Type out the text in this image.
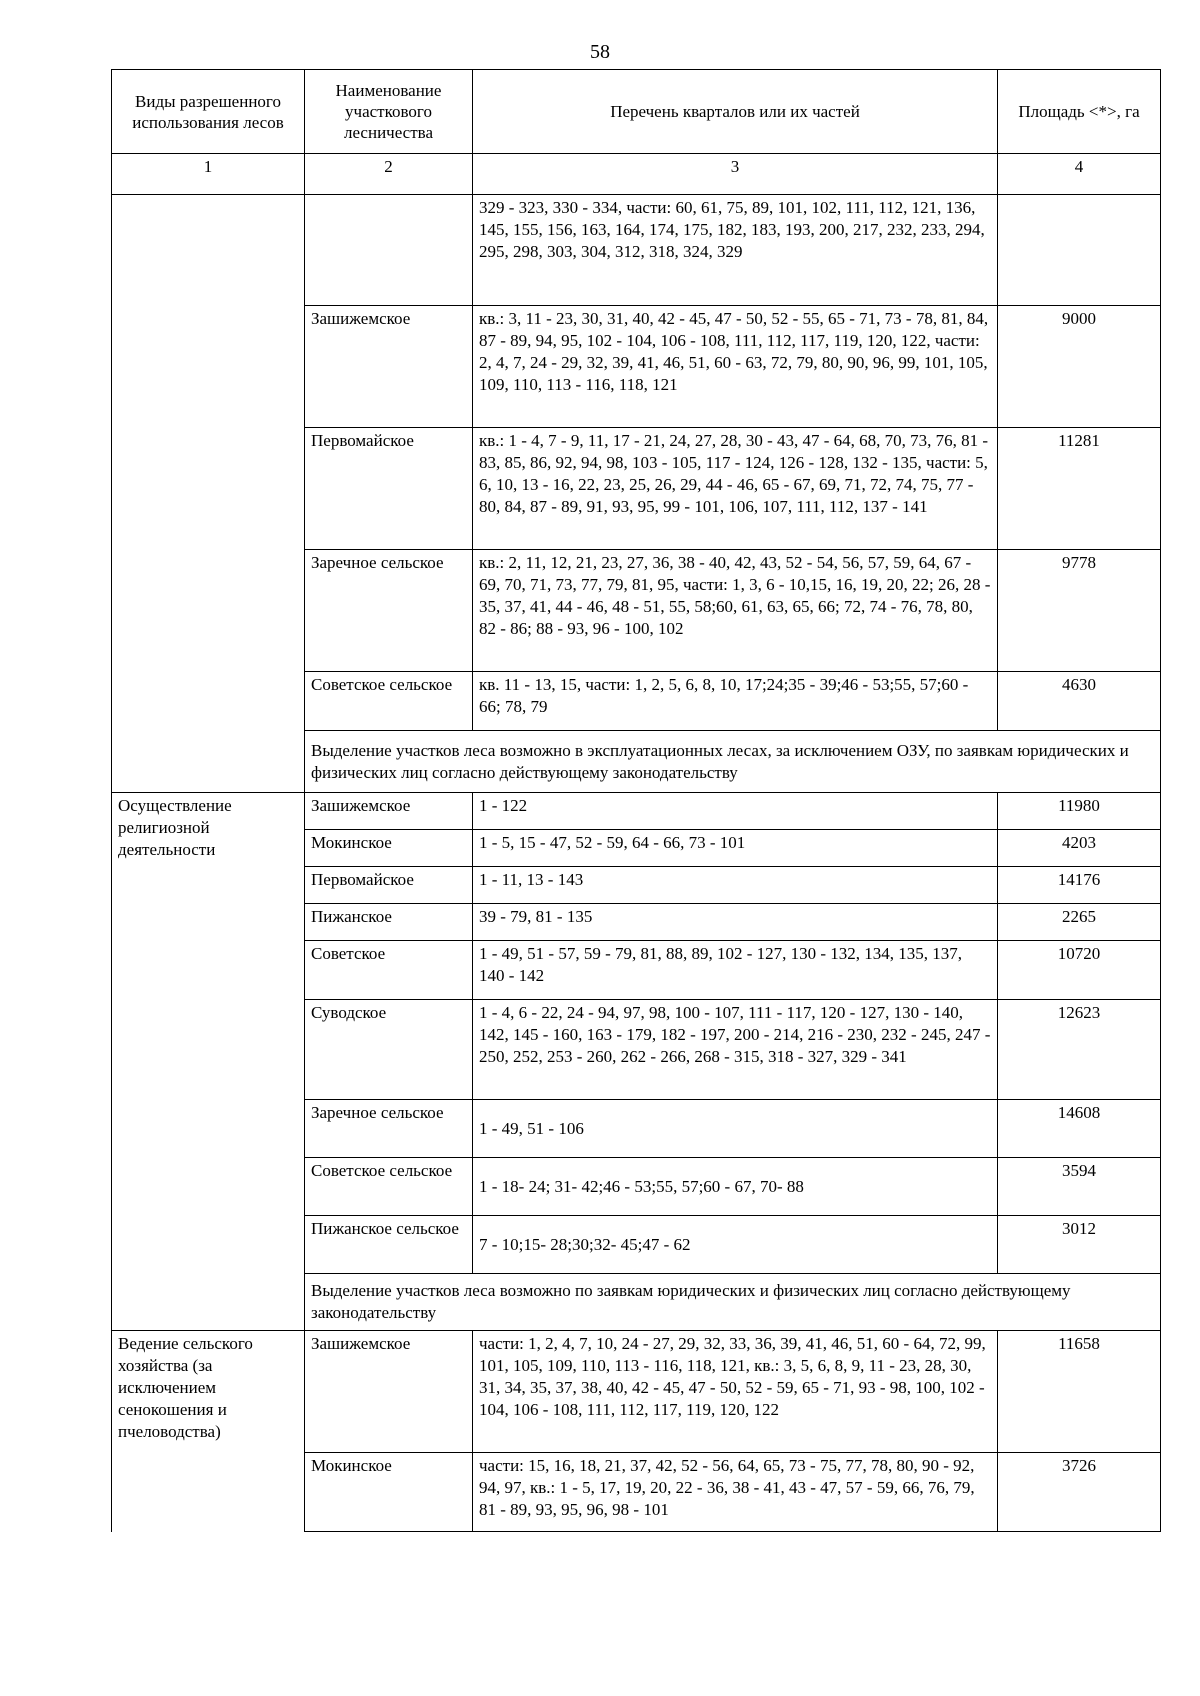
58
Виды разрешенного использования лесов	Наименование участкового лесничества	Перечень кварталов или их частей	Площадь <*>, га
1	2	3	4
		329 - 323, 330 - 334, части: 60, 61, 75, 89, 101, 102, 111, 112, 121, 136, 145, 155, 156, 163, 164, 174, 175, 182, 183, 193, 200, 217, 232, 233, 294, 295, 298, 303, 304, 312, 318, 324, 329	
	Зашижемское	кв.: 3, 11 - 23, 30, 31, 40, 42 - 45, 47 - 50, 52 - 55, 65 - 71, 73 - 78, 81, 84, 87 - 89, 94, 95, 102 - 104, 106 - 108, 111, 112, 117, 119, 120, 122, части: 2, 4, 7, 24 - 29, 32, 39, 41, 46, 51, 60 - 63, 72, 79, 80, 90, 96, 99, 101, 105, 109, 110, 113 - 116, 118, 121	9000
	Первомайское	кв.: 1 - 4, 7 - 9, 11, 17 - 21, 24, 27, 28, 30 - 43, 47 - 64, 68, 70, 73, 76, 81 - 83, 85, 86, 92, 94, 98, 103 - 105, 117 - 124, 126 - 128, 132 - 135, части: 5, 6, 10, 13 - 16, 22, 23, 25, 26, 29, 44 - 46, 65 - 67, 69, 71, 72, 74, 75, 77 - 80, 84, 87 - 89, 91, 93, 95, 99 - 101, 106, 107, 111, 112, 137 - 141	11281
	Заречное сельское	кв.: 2, 11, 12, 21, 23, 27, 36, 38 - 40, 42, 43, 52 - 54, 56, 57, 59, 64, 67 - 69, 70, 71, 73, 77, 79, 81, 95, части: 1, 3, 6 - 10,15, 16, 19, 20, 22; 26, 28 - 35, 37, 41, 44 - 46, 48 - 51, 55, 58;60, 61, 63, 65, 66; 72, 74 - 76, 78, 80, 82 - 86; 88 - 93, 96 - 100, 102	9778
	Советское сельское	кв. 11 - 13, 15, части: 1, 2, 5, 6, 8, 10, 17;24;35 - 39;46 - 53;55, 57;60 - 66; 78, 79	4630
	Выделение участков леса возможно в эксплуатационных лесах, за исключением ОЗУ, по заявкам юридических и физических лиц согласно действующему законодательству		
Осуществление религиозной деятельности	Зашижемское	1 - 122	11980
	Мокинское	1 - 5, 15 - 47, 52 - 59, 64 - 66, 73 - 101	4203
	Первомайское	1 - 11, 13 - 143	14176
	Пижанское	39 - 79, 81 - 135	2265
	Советское	1 - 49, 51 - 57, 59 - 79, 81, 88, 89, 102 - 127, 130 - 132, 134, 135, 137, 140 - 142	10720
	Суводское	1 - 4, 6 - 22, 24 - 94, 97, 98, 100 - 107, 111 - 117, 120 - 127, 130 - 140, 142, 145 - 160, 163 - 179, 182 - 197, 200 - 214, 216 - 230, 232 - 245, 247 - 250, 252, 253 - 260, 262 - 266, 268 - 315, 318 - 327, 329 - 341	12623
	Заречное сельское	1 - 49, 51 - 106	14608
	Советское сельское	1 - 18- 24; 31- 42;46 - 53;55, 57;60 - 67, 70- 88	3594
	Пижанское сельское	7 - 10;15- 28;30;32- 45;47 - 62	3012
	Выделение участков леса возможно по заявкам юридических и физических лиц согласно действующему законодательству		
Ведение сельского хозяйства (за исключением сенокошения и пчеловодства)	Зашижемское	части: 1, 2, 4, 7, 10, 24 - 27, 29, 32, 33, 36, 39, 41, 46, 51, 60 - 64, 72, 99, 101, 105, 109, 110, 113 - 116, 118, 121, кв.: 3, 5, 6, 8, 9, 11 - 23, 28, 30, 31, 34, 35, 37, 38, 40, 42 - 45, 47 - 50, 52 - 59, 65 - 71, 93 - 98, 100, 102 - 104, 106 - 108, 111, 112, 117, 119, 120, 122	11658
	Мокинское	части: 15, 16, 18, 21, 37, 42, 52 - 56, 64, 65, 73 - 75, 77, 78, 80, 90 - 92, 94, 97, кв.: 1 - 5, 17, 19, 20, 22 - 36, 38 - 41, 43 - 47, 57 - 59, 66, 76, 79, 81 - 89, 93, 95, 96, 98 - 101	3726
